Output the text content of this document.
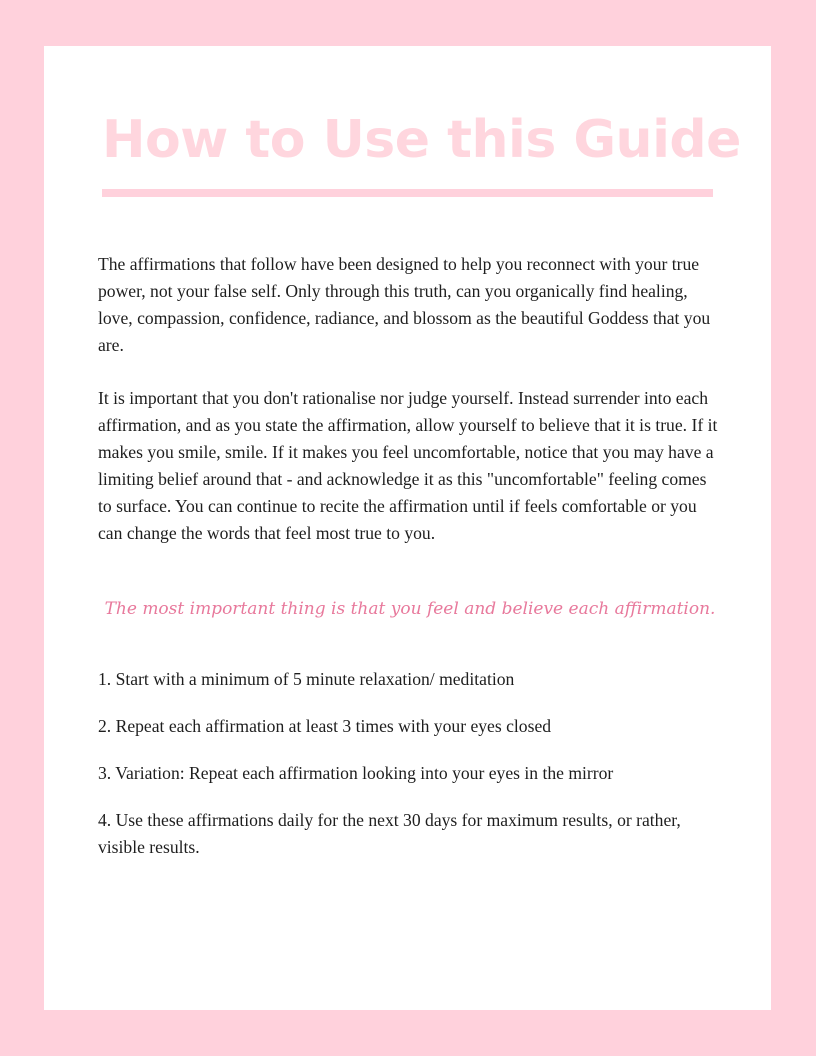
How to Use this Guide

The affirmations that follow have been designed to help you reconnect with your true power, not your false self. Only through this truth, can you organically find healing, love, compassion, confidence, radiance, and blossom as the beautiful Goddess that you are.

It is important that you don't rationalise nor judge yourself. Instead surrender into each affirmation, and as you state the affirmation, allow yourself to believe that it is true. If it makes you smile, smile. If it makes you feel uncomfortable, notice that you may have a limiting belief around that - and acknowledge it as this "uncomfortable" feeling comes to surface. You can continue to recite the affirmation until if feels comfortable or you can change the words that feel most true to you.

The most important thing is that you feel and believe each affirmation.

1. Start with a minimum of 5 minute relaxation/ meditation
2. Repeat each affirmation at least 3 times with your eyes closed
3. Variation: Repeat each affirmation looking into your eyes in the mirror
4. Use these affirmations daily for the next 30 days for maximum results, or rather, visible results.
